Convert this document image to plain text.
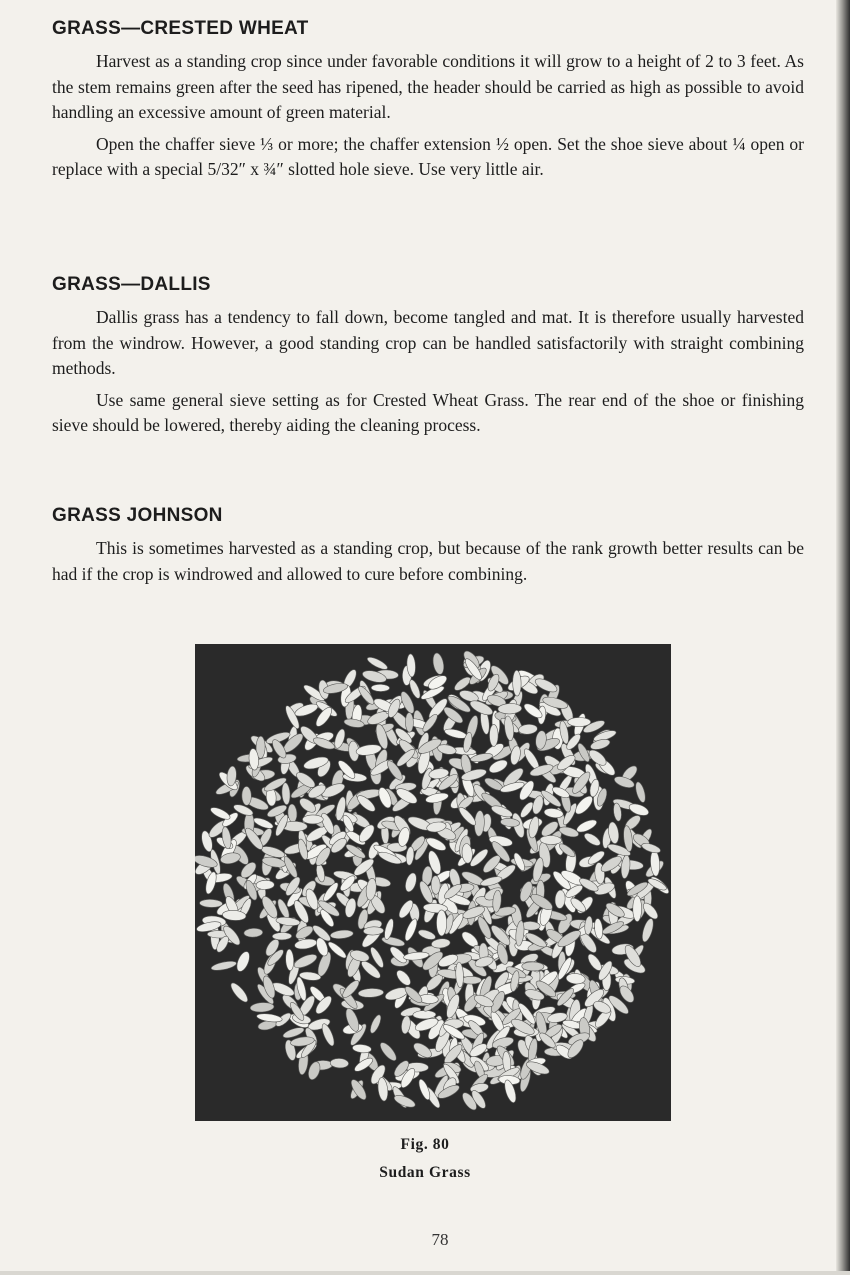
GRASS—CRESTED WHEAT

Harvest as a standing crop since under favorable conditions it will grow to a height of 2 to 3 feet. As the stem remains green after the seed has ripened, the header should be carried as high as possible to avoid handling an excessive amount of green material.

Open the chaffer sieve ⅓ or more; the chaffer extension ½ open. Set the shoe sieve about ¼ open or replace with a special 5/32″ x ¾″ slotted hole sieve. Use very little air.

GRASS—DALLIS

Dallis grass has a tendency to fall down, become tangled and mat. It is therefore usually harvested from the windrow. However, a good standing crop can be handled satisfactorily with straight combining methods.

Use same general sieve setting as for Crested Wheat Grass. The rear end of the shoe or finishing sieve should be lowered, thereby aiding the cleaning process.

GRASS JOHNSON

This is sometimes harvested as a standing crop, but because of the rank growth better results can be had if the crop is windrowed and allowed to cure before combining.

Fig. 80
Sudan Grass
78
